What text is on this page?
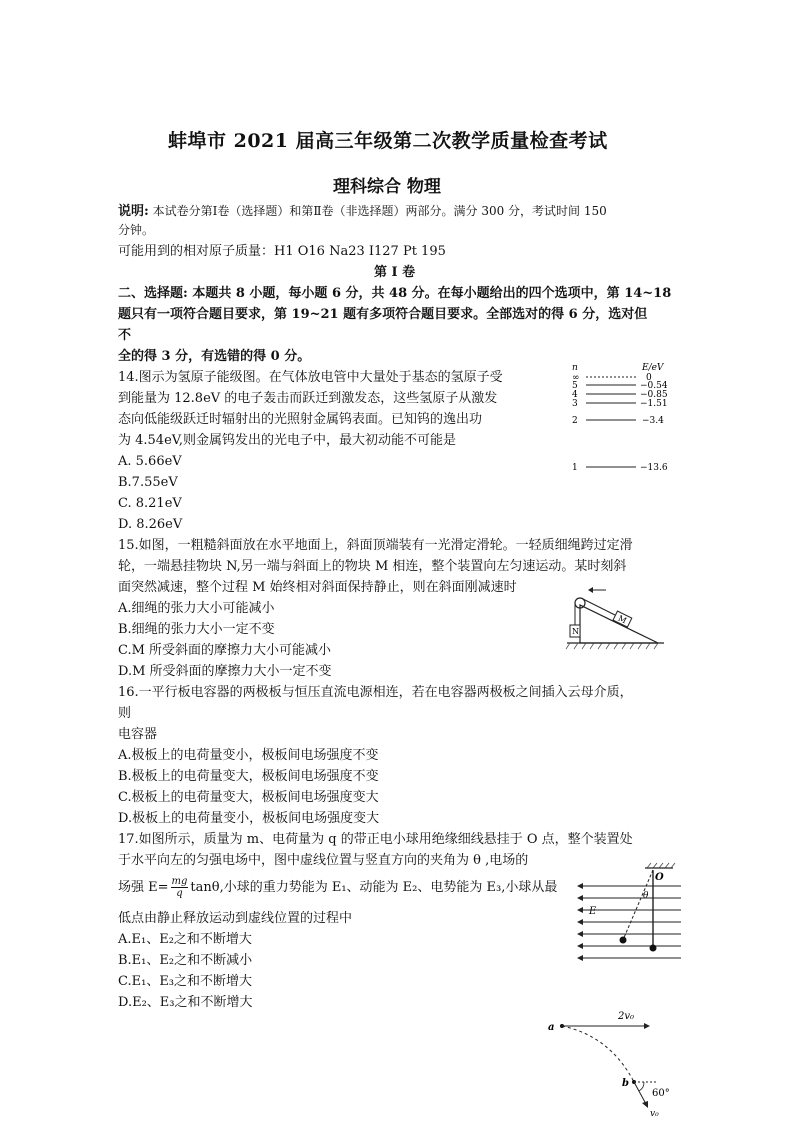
蚌埠市 2021 届高三年级第二次教学质量检查考试
理科综合 物理
说明: 本试卷分第Ⅰ卷（选择题）和第Ⅱ卷（非选择题）两部分。满分 300 分，考试时间 150
分钟。
可能用到的相对原子质量：H1 O16 Na23 I127 Pt 195
第 I 卷
二、选择题: 本题共 8 小题，每小题 6 分，共 48 分。在每小题给出的四个选项中，第 14~18
题只有一项符合题目要求，第 19~21 题有多项符合题目要求。全部选对的得 6 分，选对但
不
全的得 3 分，有选错的得 0 分。
14.图示为氢原子能级图。在气体放电管中大量处于基态的氢原子受
到能量为 12.8eV 的电子轰击而跃迁到激发态，这些氢原子从激发
态向低能级跃迁时辐射出的光照射金属钨表面。已知钨的逸出功
为 4.54eV,则金属钨发出的光电子中，最大初动能不可能是
A. 5.66eV
B.7.55eV
C. 8.21eV
D. 8.26eV
n	E/eV
∞	0
5	−0.54
4	−0.85
3	−1.51
2	−3.4
1	−13.6
15.如图，一粗糙斜面放在水平地面上，斜面顶端装有一光滑定滑轮。一轻质细绳跨过定滑
轮，一端悬挂物块 N,另一端与斜面上的物块 M 相连，整个装置向左匀速运动。某时刻斜
面突然减速，整个过程 M 始终相对斜面保持静止，则在斜面刚减速时
A.细绳的张力大小可能减小
B.细绳的张力大小一定不变
C.M 所受斜面的摩擦力大小可能减小
D.M 所受斜面的摩擦力大小一定不变
N
M
16.一平行板电容器的两极板与恒压直流电源相连，若在电容器两极板之间插入云母介质，
则
电容器
A.极板上的电荷量变小，极板间电场强度不变
B.极板上的电荷量变大，极板间电场强度不变
C.极板上的电荷量变大，极板间电场强度变大
D.极板上的电荷量变小，极板间电场强度变大
17.如图所示，质量为 m、电荷量为 q 的带正电小球用绝缘细线悬挂于 O 点，整个装置处
于水平向左的匀强电场中，图中虚线位置与竖直方向的夹角为 θ ,电场的
场强 $E= \frac{mg}{q} \tan\theta$,小球的重力势能为 E₁、动能为 E₂、电势能为 E₃,小球从最
低点由静止释放运动到虚线位置的过程中
A.E₁、E₂之和不断增大
B.E₁、E₂之和不断减小
C.E₁、E₃之和不断增大
D.E₂、E₃之和不断增大
O
E
θ
a
2v₀
b
60°
v₀
